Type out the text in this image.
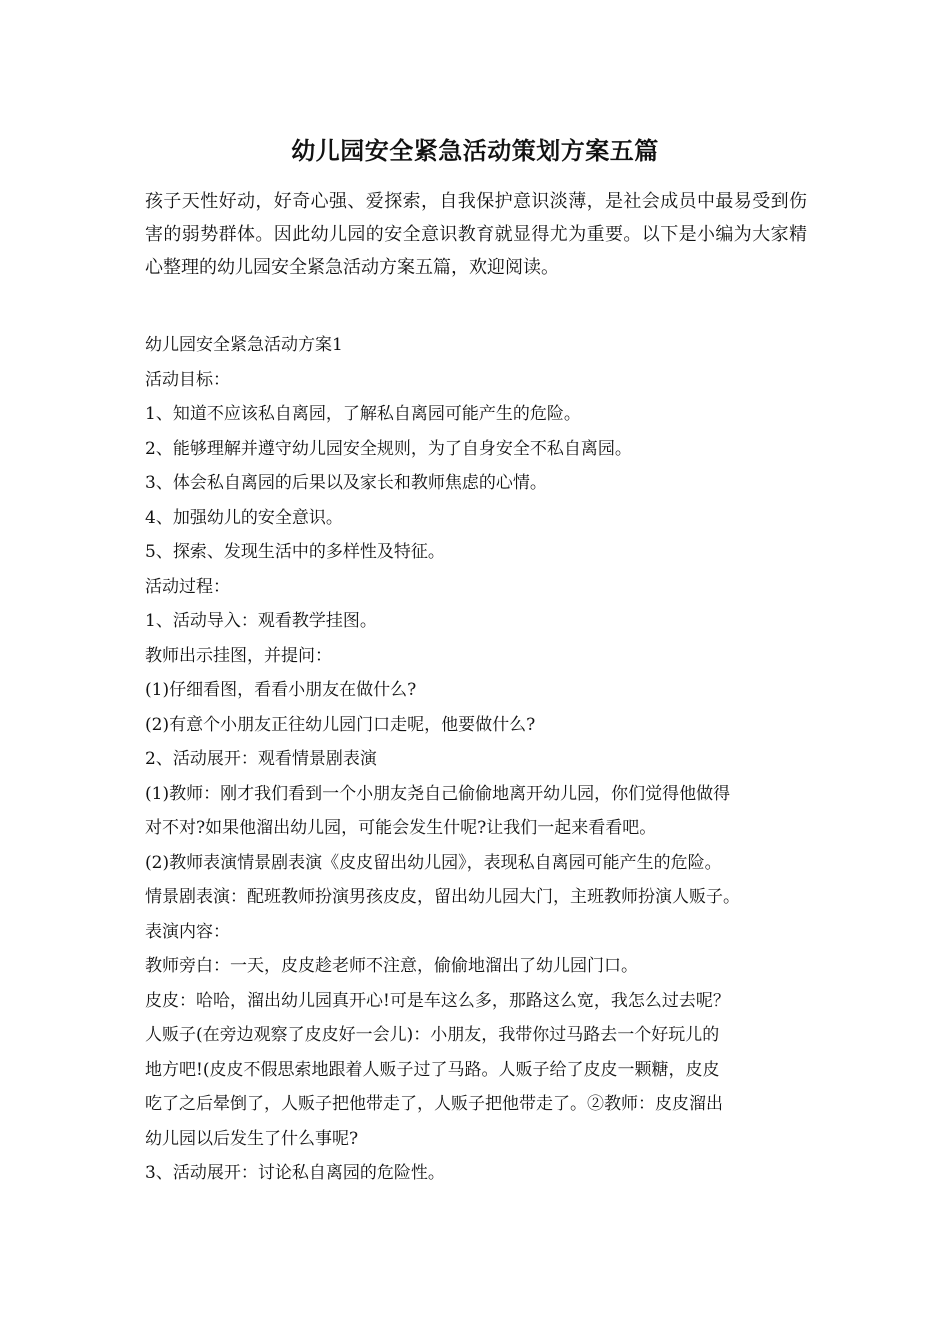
幼儿园安全紧急活动策划方案五篇

孩子天性好动，好奇心强、爱探索，自我保护意识淡薄，是社会成员中最易受到伤害的弱势群体。因此幼儿园的安全意识教育就显得尤为重要。以下是小编为大家精心整理的幼儿园安全紧急活动方案五篇，欢迎阅读。

幼儿园安全紧急活动方案1
活动目标：
1、知道不应该私自离园，了解私自离园可能产生的危险。
2、能够理解并遵守幼儿园安全规则，为了自身安全不私自离园。
3、体会私自离园的后果以及家长和教师焦虑的心情。
4、加强幼儿的安全意识。
5、探索、发现生活中的多样性及特征。
活动过程：
1、活动导入：观看教学挂图。
教师出示挂图，并提问：
(1)仔细看图，看看小朋友在做什么?
(2)有意个小朋友正往幼儿园门口走呢，他要做什么?
2、活动展开：观看情景剧表演
(1)教师：刚才我们看到一个小朋友尧自己偷偷地离开幼儿园，你们觉得他做得
对不对?如果他溜出幼儿园，可能会发生什呢?让我们一起来看看吧。
(2)教师表演情景剧表演《皮皮留出幼儿园》，表现私自离园可能产生的危险。
情景剧表演：配班教师扮演男孩皮皮，留出幼儿园大门，主班教师扮演人贩子。
表演内容：
教师旁白：一天，皮皮趁老师不注意，偷偷地溜出了幼儿园门口。
皮皮：哈哈，溜出幼儿园真开心!可是车这么多，那路这么宽，我怎么过去呢？
人贩子(在旁边观察了皮皮好一会儿)：小朋友，我带你过马路去一个好玩儿的
地方吧!(皮皮不假思索地跟着人贩子过了马路。人贩子给了皮皮一颗糖，皮皮
吃了之后晕倒了，人贩子把他带走了，人贩子把他带走了。②教师：皮皮溜出
幼儿园以后发生了什么事呢?
3、活动展开：讨论私自离园的危险性。
